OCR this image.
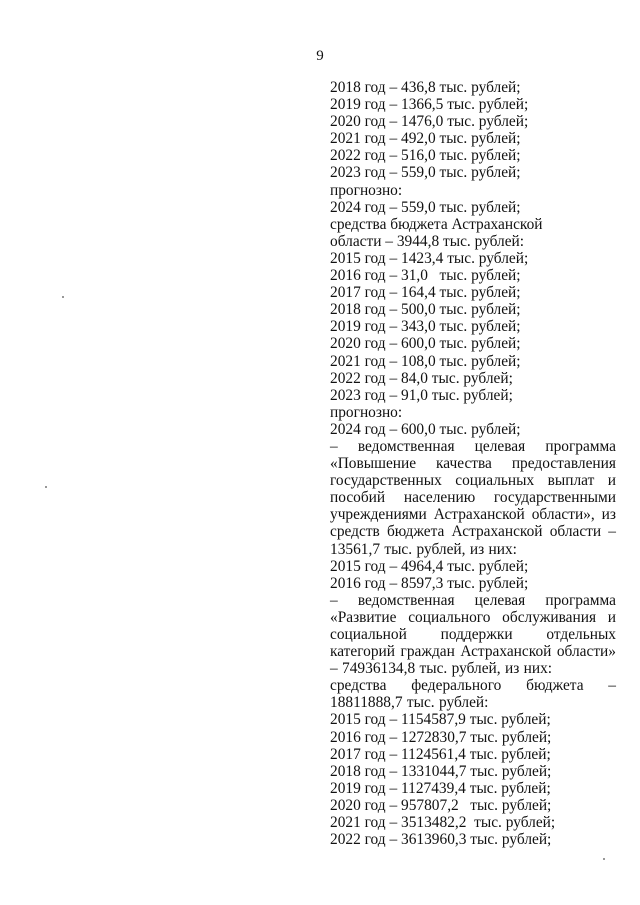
9
2018 год – 436,8 тыс. рублей;
2019 год – 1366,5 тыс. рублей;
2020 год – 1476,0 тыс. рублей;
2021 год – 492,0 тыс. рублей;
2022 год – 516,0 тыс. рублей;
2023 год – 559,0 тыс. рублей;
прогнозно:
2024 год – 559,0 тыс. рублей;
средства бюджета Астраханской
области – 3944,8 тыс. рублей:
2015 год – 1423,4 тыс. рублей;
2016 год – 31,0   тыс. рублей;
2017 год – 164,4 тыс. рублей;
2018 год – 500,0 тыс. рублей;
2019 год – 343,0 тыс. рублей;
2020 год – 600,0 тыс. рублей;
2021 год – 108,0 тыс. рублей;
2022 год – 84,0 тыс. рублей;
2023 год – 91,0 тыс. рублей;
прогнозно:
2024 год – 600,0 тыс. рублей;

– ведомственная целевая программа «Повышение качества предоставления государственных социальных выплат и пособий населению государственными учреждениями Астраханской области», из средств бюджета Астраханской области – 13561,7 тыс. рублей, из них:

2015 год – 4964,4 тыс. рублей;
2016 год – 8597,3 тыс. рублей;

– ведомственная целевая программа «Развитие социального обслуживания и социальной поддержки отдельных категорий граждан Астраханской области» – 74936134,8 тыс. рублей, из них:

средства федерального бюджета – 18811888,7 тыс. рублей:

2015 год – 1154587,9 тыс. рублей;
2016 год – 1272830,7 тыс. рублей;
2017 год – 1124561,4 тыс. рублей;
2018 год – 1331044,7 тыс. рублей;
2019 год – 1127439,4 тыс. рублей;
2020 год – 957807,2   тыс. рублей;
2021 год – 3513482,2  тыс. рублей;
2022 год – 3613960,3 тыс. рублей;
